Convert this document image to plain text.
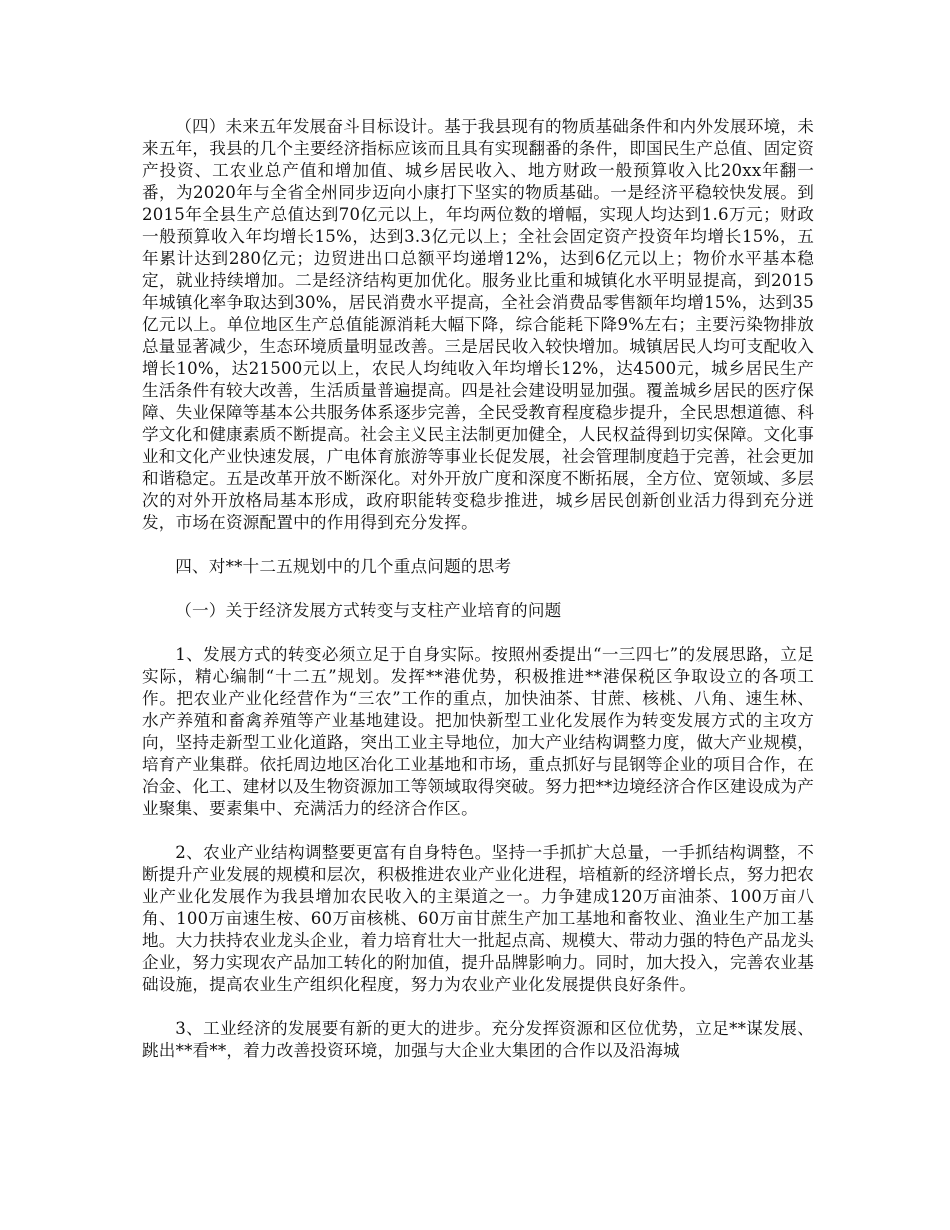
（四）未来五年发展奋斗目标设计。基于我县现有的物质基础条件和内外发展环境，未来五年，我县的几个主要经济指标应该而且具有实现翻番的条件，即国民生产总值、固定资产投资、工农业总产值和增加值、城乡居民收入、地方财政一般预算收入比20xx年翻一番，为2020年与全省全州同步迈向小康打下坚实的物质基础。一是经济平稳较快发展。到2015年全县生产总值达到70亿元以上，年均两位数的增幅，实现人均达到1.6万元；财政一般预算收入年均增长15%，达到3.3亿元以上；全社会固定资产投资年均增长15%，五年累计达到280亿元；边贸进出口总额平均递增12%，达到6亿元以上；物价水平基本稳定，就业持续增加。二是经济结构更加优化。服务业比重和城镇化水平明显提高，到2015年城镇化率争取达到30%，居民消费水平提高，全社会消费品零售额年均增15%，达到35亿元以上。单位地区生产总值能源消耗大幅下降，综合能耗下降9%左右；主要污染物排放总量显著减少，生态环境质量明显改善。三是居民收入较快增加。城镇居民人均可支配收入增长10%，达21500元以上，农民人均纯收入年均增长12%，达4500元，城乡居民生产生活条件有较大改善，生活质量普遍提高。四是社会建设明显加强。覆盖城乡居民的医疗保障、失业保障等基本公共服务体系逐步完善，全民受教育程度稳步提升，全民思想道德、科学文化和健康素质不断提高。社会主义民主法制更加健全，人民权益得到切实保障。文化事业和文化产业快速发展，广电体育旅游等事业长促发展，社会管理制度趋于完善，社会更加和谐稳定。五是改革开放不断深化。对外开放广度和深度不断拓展，全方位、宽领域、多层次的对外开放格局基本形成，政府职能转变稳步推进，城乡居民创新创业活力得到充分迸发，市场在资源配置中的作用得到充分发挥。

四、对**十二五规划中的几个重点问题的思考

（一）关于经济发展方式转变与支柱产业培育的问题

1、发展方式的转变必须立足于自身实际。按照州委提出“一三四七”的发展思路，立足实际，精心编制“十二五”规划。发挥**港优势，积极推进**港保税区争取设立的各项工作。把农业产业化经营作为“三农”工作的重点，加快油茶、甘蔗、核桃、八角、速生林、水产养殖和畜禽养殖等产业基地建设。把加快新型工业化发展作为转变发展方式的主攻方向，坚持走新型工业化道路，突出工业主导地位，加大产业结构调整力度，做大产业规模，培育产业集群。依托周边地区冶化工业基地和市场，重点抓好与昆钢等企业的项目合作，在冶金、化工、建材以及生物资源加工等领域取得突破。努力把**边境经济合作区建设成为产业聚集、要素集中、充满活力的经济合作区。

2、农业产业结构调整要更富有自身特色。坚持一手抓扩大总量，一手抓结构调整，不断提升产业发展的规模和层次，积极推进农业产业化进程，培植新的经济增长点，努力把农业产业化发展作为我县增加农民收入的主渠道之一。力争建成120万亩油茶、100万亩八角、100万亩速生桉、60万亩核桃、60万亩甘蔗生产加工基地和畜牧业、渔业生产加工基地。大力扶持农业龙头企业，着力培育壮大一批起点高、规模大、带动力强的特色产品龙头企业，努力实现农产品加工转化的附加值，提升品牌影响力。同时，加大投入，完善农业基础设施，提高农业生产组织化程度，努力为农业产业化发展提供良好条件。

3、工业经济的发展要有新的更大的进步。充分发挥资源和区位优势，立足**谋发展、跳出**看**，着力改善投资环境，加强与大企业大集团的合作以及沿海城
